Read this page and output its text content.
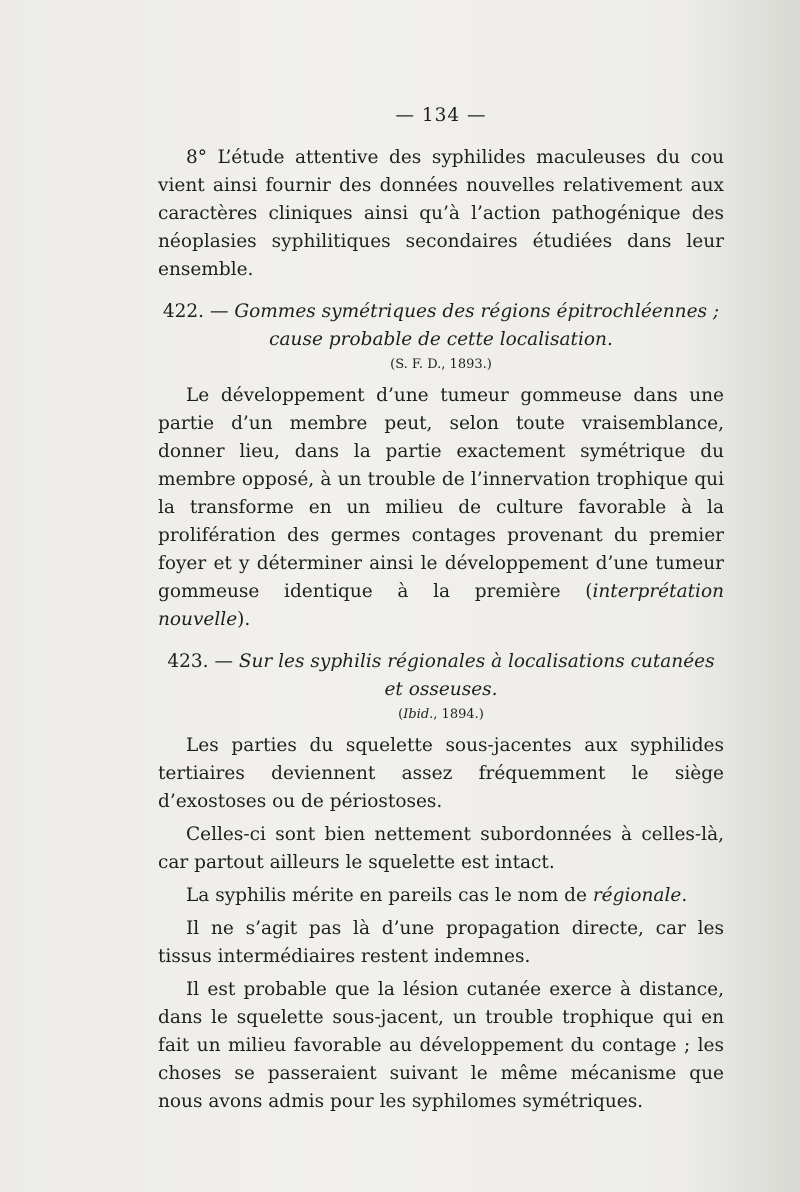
— 134 —

8° L’étude attentive des syphilides maculeuses du cou vient ainsi fournir des données nouvelles relativement aux caractères cliniques ainsi qu’à l’action pathogénique des néoplasies syphilitiques secondaires étudiées dans leur ensemble.

422. — Gommes symétriques des régions épitrochléennes ;
cause probable de cette localisation.
(S. F. D., 1893.)

Le développement d’une tumeur gommeuse dans une partie d’un membre peut, selon toute vraisemblance, donner lieu, dans la partie exactement symétrique du membre opposé, à un trouble de l’innervation trophique qui la transforme en un milieu de culture favorable à la prolifération des germes contages provenant du premier foyer et y déterminer ainsi le développement d’une tumeur gommeuse identique à la première (interprétation nouvelle).

423. — Sur les syphilis régionales à localisations cutanées
et osseuses.
(Ibid., 1894.)

Les parties du squelette sous-jacentes aux syphilides tertiaires deviennent assez fréquemment le siège d’exostoses ou de périostoses.

Celles-ci sont bien nettement subordonnées à celles-là, car partout ailleurs le squelette est intact.

La syphilis mérite en pareils cas le nom de régionale.

Il ne s’agit pas là d’une propagation directe, car les tissus intermédiaires restent indemnes.

Il est probable que la lésion cutanée exerce à distance, dans le squelette sous-jacent, un trouble trophique qui en fait un milieu favorable au développement du contage ; les choses se passeraient suivant le même mécanisme que nous avons admis pour les syphilomes symétriques.
